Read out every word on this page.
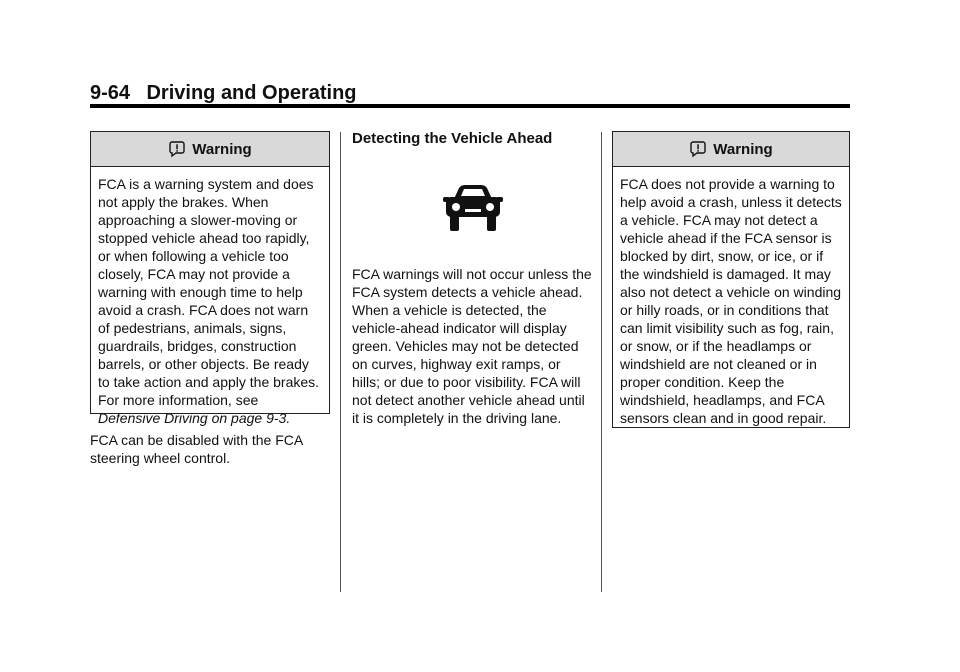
9-64 Driving and Operating
Warning
FCA is a warning system and does not apply the brakes. When approaching a slower-moving or stopped vehicle ahead too rapidly, or when following a vehicle too closely, FCA may not provide a warning with enough time to help avoid a crash. FCA does not warn of pedestrians, animals, signs, guardrails, bridges, construction barrels, or other objects. Be ready to take action and apply the brakes. For more information, see Defensive Driving on page 9-3.
FCA can be disabled with the FCA steering wheel control.
Detecting the Vehicle Ahead
FCA warnings will not occur unless the FCA system detects a vehicle ahead. When a vehicle is detected, the vehicle-ahead indicator will display green. Vehicles may not be detected on curves, highway exit ramps, or hills; or due to poor visibility. FCA will not detect another vehicle ahead until it is completely in the driving lane.
Warning
FCA does not provide a warning to help avoid a crash, unless it detects a vehicle. FCA may not detect a vehicle ahead if the FCA sensor is blocked by dirt, snow, or ice, or if the windshield is damaged. It may also not detect a vehicle on winding or hilly roads, or in conditions that can limit visibility such as fog, rain, or snow, or if the headlamps or windshield are not cleaned or in proper condition. Keep the windshield, headlamps, and FCA sensors clean and in good repair.
